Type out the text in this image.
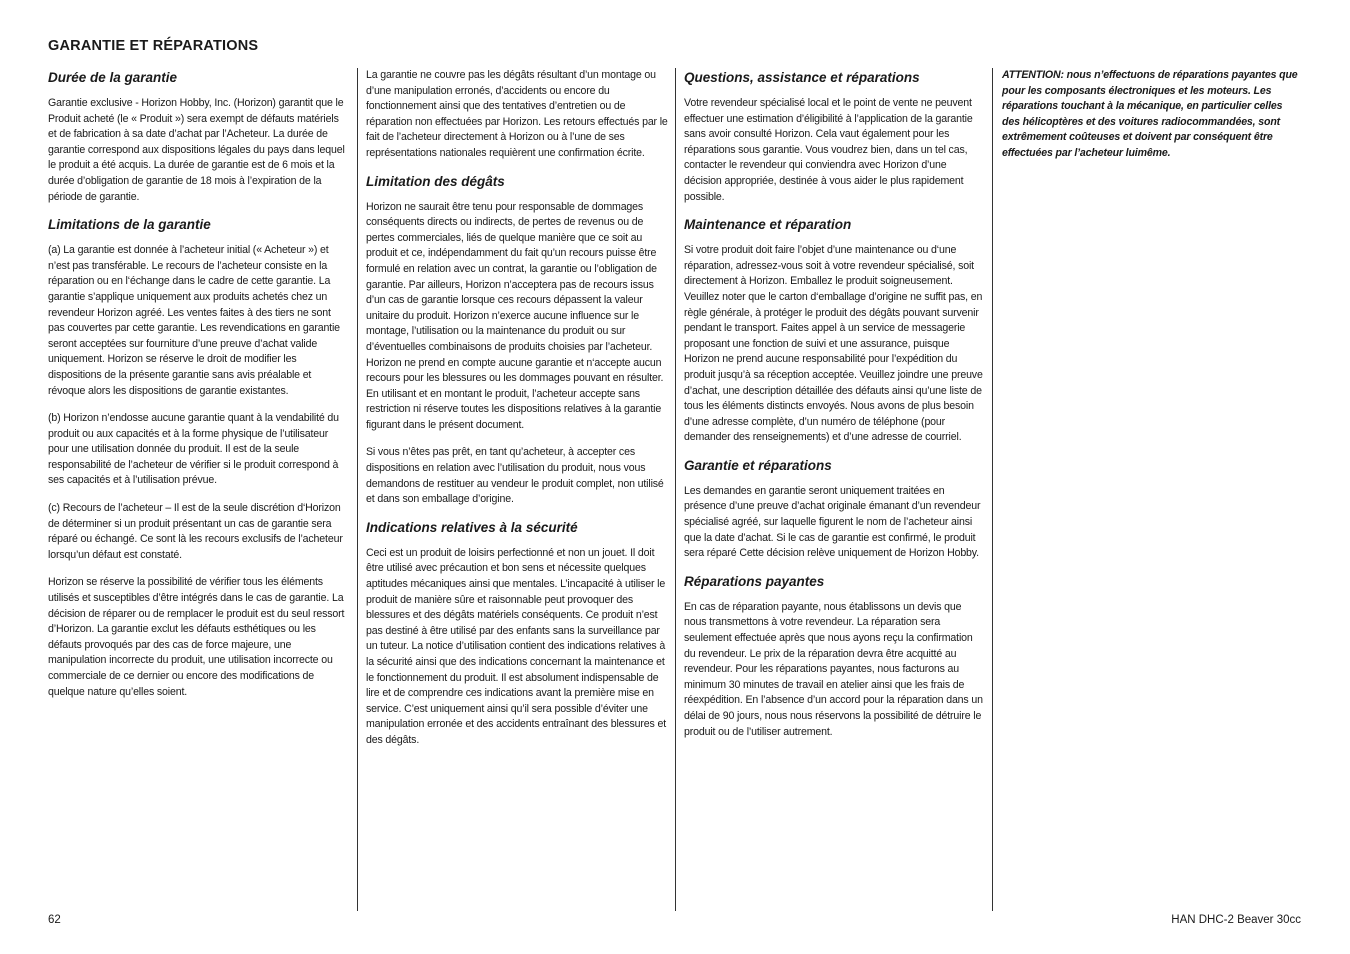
GARANTIE ET RÉPARATIONS
Durée de la garantie

Garantie exclusive - Horizon Hobby, Inc. (Horizon) garantit que le Produit acheté (le « Produit ») sera exempt de défauts matériels et de fabrication à sa date d’achat par l’Acheteur. La durée de garantie correspond aux dispositions légales du pays dans lequel le produit a été acquis. La durée de garantie est de 6 mois et la durée d’obligation de garantie de 18 mois à l’expiration de la période de garantie.

Limitations de la garantie

(a) La garantie est donnée à l’acheteur initial (« Acheteur ») et n’est pas transférable. Le recours de l’acheteur consiste en la réparation ou en l‘échange dans le cadre de cette garantie. La garantie s’applique uniquement aux produits achetés chez un revendeur Horizon agréé. Les ventes faites à des tiers ne sont pas couvertes par cette garantie. Les revendications en garantie seront acceptées sur fourniture d’une preuve d’achat valide uniquement. Horizon se réserve le droit de modifier les dispositions de la présente garantie sans avis préalable et révoque alors les dispositions de garantie existantes.

(b) Horizon n’endosse aucune garantie quant à la vendabilité du produit ou aux capacités et à la forme physique de l’utilisateur pour une utilisation donnée du produit. Il est de la seule responsabilité de l’acheteur de vérifier si le produit correspond à ses capacités et à l’utilisation prévue.

(c) Recours de l’acheteur – Il est de la seule discrétion d‘Horizon de déterminer si un produit présentant un cas de garantie sera réparé ou échangé. Ce sont là les recours exclusifs de l’acheteur lorsqu’un défaut est constaté.

Horizon se réserve la possibilité de vérifier tous les éléments utilisés et susceptibles d’être intégrés dans le cas de garantie. La décision de réparer ou de remplacer le produit est du seul ressort d’Horizon. La garantie exclut les défauts esthétiques ou les défauts provoqués par des cas de force majeure, une manipulation incorrecte du produit, une utilisation incorrecte ou commerciale de ce dernier ou encore des modifications de quelque nature qu’elles soient.

La garantie ne couvre pas les dégâts résultant d’un montage ou d’une manipulation erronés, d’accidents ou encore du fonctionnement ainsi que des tentatives d’entretien ou de réparation non effectuées par Horizon. Les retours effectués par le fait de l’acheteur directement à Horizon ou à l’une de ses représentations nationales requièrent une confirmation écrite.

Limitation des dégâts

Horizon ne saurait être tenu pour responsable de dommages conséquents directs ou indirects, de pertes de revenus ou de pertes commerciales, liés de quelque manière que ce soit au produit et ce, indépendamment du fait qu’un recours puisse être formulé en relation avec un contrat, la garantie ou l’obligation de garantie. Par ailleurs, Horizon n’acceptera pas de recours issus d’un cas de garantie lorsque ces recours dépassent la valeur unitaire du produit. Horizon n’exerce aucune influence sur le montage, l’utilisation ou la maintenance du produit ou sur d’éventuelles combinaisons de produits choisies par l’acheteur. Horizon ne prend en compte aucune garantie et n‘accepte aucun recours pour les blessures ou les dommages pouvant en résulter. En utilisant et en montant le produit, l’acheteur accepte sans restriction ni réserve toutes les dispositions relatives à la garantie figurant dans le présent document.

Si vous n’êtes pas prêt, en tant qu’acheteur, à accepter ces dispositions en relation avec l’utilisation du produit, nous vous demandons de restituer au vendeur le produit complet, non utilisé et dans son emballage d’origine.

Indications relatives à la sécurité

Ceci est un produit de loisirs perfectionné et non un jouet. Il doit être utilisé avec précaution et bon sens et nécessite quelques aptitudes mécaniques ainsi que mentales. L’incapacité à utiliser le produit de manière sûre et raisonnable peut provoquer des blessures et des dégâts matériels conséquents. Ce produit n’est pas destiné à être utilisé par des enfants sans la surveillance par un tuteur. La notice d’utilisation contient des indications relatives à la sécurité ainsi que des indications concernant la maintenance et le fonctionnement du produit. Il est absolument indispensable de lire et de comprendre ces indications avant la première mise en service. C’est uniquement ainsi qu’il sera possible d’éviter une manipulation erronée et des accidents entraînant des blessures et des dégâts.

Questions, assistance et réparations

Votre revendeur spécialisé local et le point de vente ne peuvent effectuer une estimation d’éligibilité à l’application de la garantie sans avoir consulté Horizon. Cela vaut également pour les réparations sous garantie. Vous voudrez bien, dans un tel cas, contacter le revendeur qui conviendra avec Horizon d’une décision appropriée, destinée à vous aider le plus rapidement possible.

Maintenance et réparation

Si votre produit doit faire l’objet d’une maintenance ou d‘une réparation, adressez-vous soit à votre revendeur spécialisé, soit directement à Horizon. Emballez le produit soigneusement. Veuillez noter que le carton d‘emballage d’origine ne suffit pas, en règle générale, à protéger le produit des dégâts pouvant survenir pendant le transport. Faites appel à un service de messagerie proposant une fonction de suivi et une assurance, puisque Horizon ne prend aucune responsabilité pour l’expédition du produit jusqu’à sa réception acceptée. Veuillez joindre une preuve d’achat, une description détaillée des défauts ainsi qu’une liste de tous les éléments distincts envoyés. Nous avons de plus besoin d’une adresse complète, d’un numéro de téléphone (pour demander des renseignements) et d’une adresse de courriel.

Garantie et réparations

Les demandes en garantie seront uniquement traitées en présence d’une preuve d’achat originale émanant d’un revendeur spécialisé agréé, sur laquelle figurent le nom de l’acheteur ainsi que la date d’achat. Si le cas de garantie est confirmé, le produit sera réparé Cette décision relève uniquement de Horizon Hobby.

Réparations payantes

En cas de réparation payante, nous établissons un devis que nous transmettons à votre revendeur. La réparation sera seulement effectuée après que nous ayons reçu la confirmation du revendeur. Le prix de la réparation devra être acquitté au revendeur. Pour les réparations payantes, nous facturons au minimum 30 minutes de travail en atelier ainsi que les frais de réexpédition. En l’absence d’un accord pour la réparation dans un délai de 90 jours, nous nous réservons la possibilité de détruire le produit ou de l’utiliser autrement.

ATTENTION: nous n’effectuons de réparations payantes que pour les composants électroniques et les moteurs. Les réparations touchant à la mécanique, en particulier celles des hélicoptères et des voitures radiocommandées, sont extrêmement coûteuses et doivent par conséquent être effectuées par l’acheteur luimême.

62	HAN DHC-2 Beaver 30cc
